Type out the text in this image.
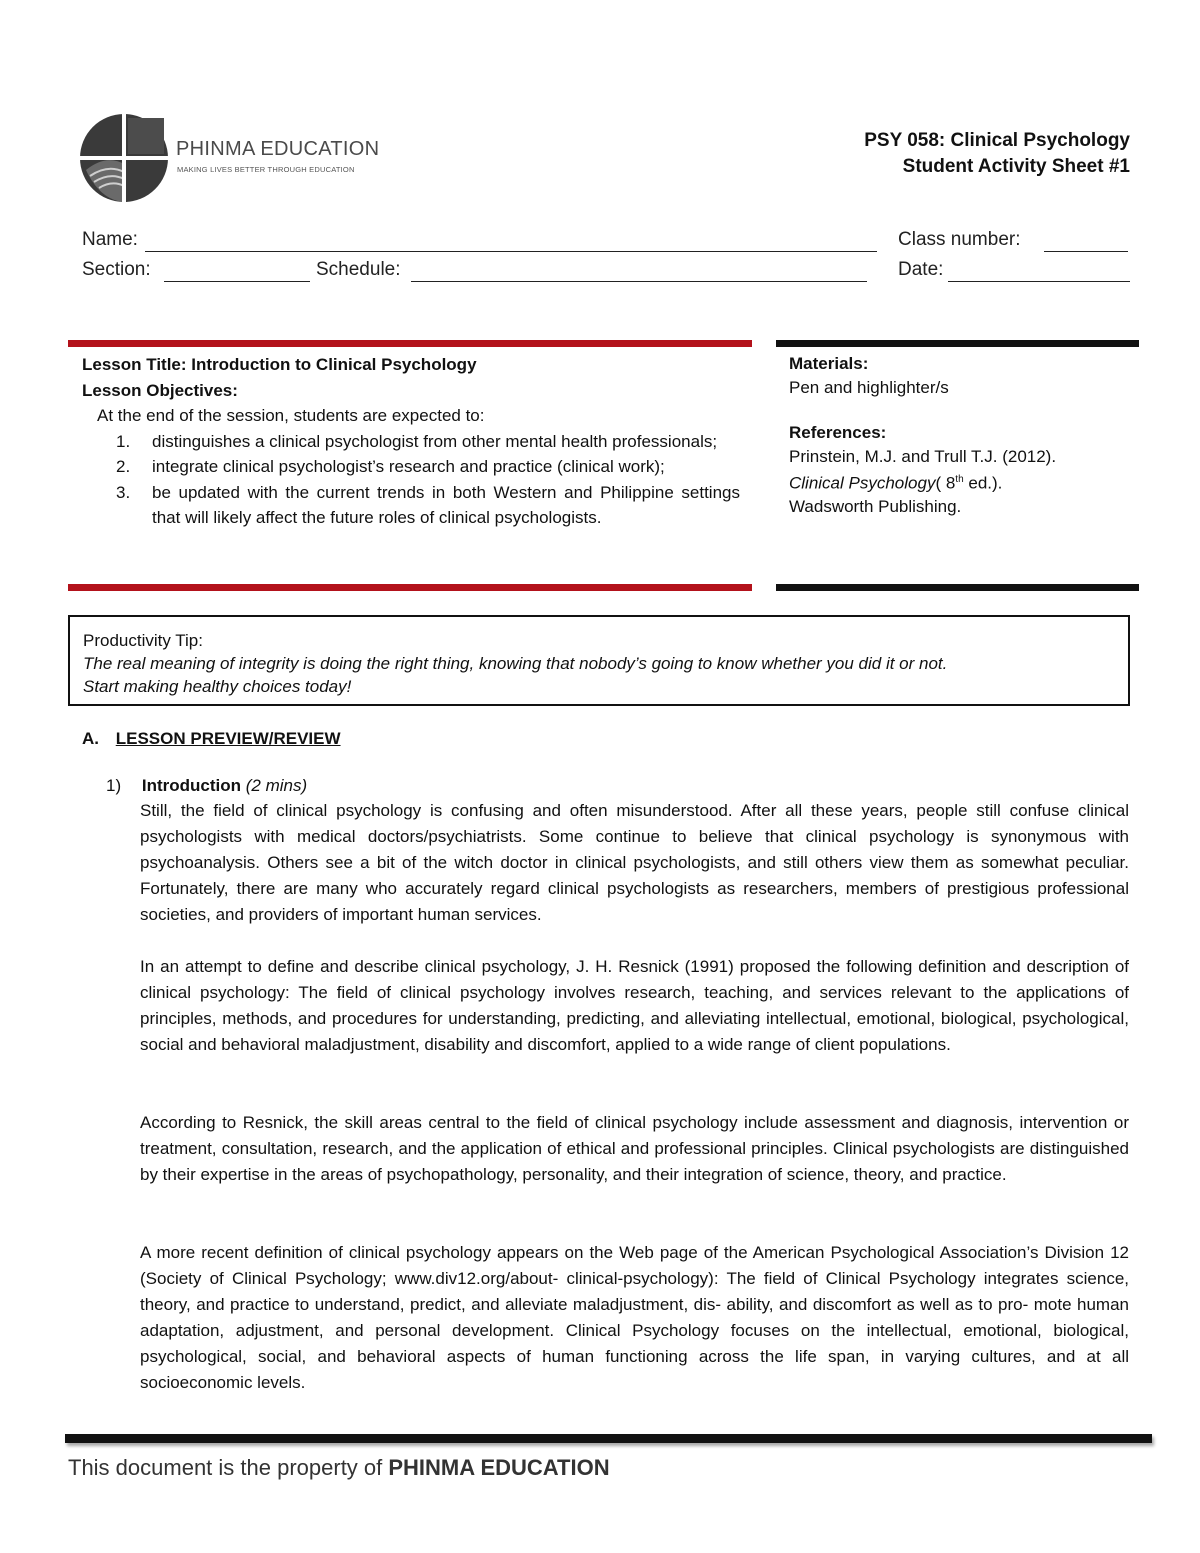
PHINMA EDUCATION
MAKING LIVES BETTER THROUGH EDUCATION
PSY 058: Clinical Psychology
Student Activity Sheet #1
Name:	Class number:
Section:	Schedule:	Date:
Lesson Title: Introduction to Clinical Psychology
Lesson Objectives:
At the end of the session, students are expected to:
1. distinguishes a clinical psychologist from other mental health professionals;
2. integrate clinical psychologist’s research and practice (clinical work);
3. be updated with the current trends in both Western and Philippine settings that will likely affect the future roles of clinical psychologists.
Materials:
Pen and highlighter/s
References:
Prinstein, M.J. and Trull T.J. (2012).
Clinical Psychology( 8th ed.).
Wadsworth Publishing.
Productivity Tip:
The real meaning of integrity is doing the right thing, knowing that nobody’s going to know whether you did it or not.
Start making healthy choices today!
A. LESSON PREVIEW/REVIEW
1) Introduction (2 mins)

Still, the field of clinical psychology is confusing and often misunderstood. After all these years, people still confuse clinical psychologists with medical doctors/psychiatrists. Some continue to believe that clinical psychology is synonymous with psychoanalysis. Others see a bit of the witch doctor in clinical psychologists, and still others view them as somewhat peculiar. Fortunately, there are many who accurately regard clinical psychologists as researchers, members of prestigious professional societies, and providers of important human services.

In an attempt to define and describe clinical psychology, J. H. Resnick (1991) proposed the following definition and description of clinical psychology: The field of clinical psychology involves research, teaching, and services relevant to the applications of principles, methods, and procedures for understanding, predicting, and alleviating intellectual, emotional, biological, psychological, social and behavioral maladjustment, disability and discomfort, applied to a wide range of client populations.

According to Resnick, the skill areas central to the field of clinical psychology include assessment and diagnosis, intervention or treatment, consultation, research, and the application of ethical and professional principles. Clinical psychologists are distinguished by their expertise in the areas of psychopathology, personality, and their integration of science, theory, and practice.

A more recent definition of clinical psychology appears on the Web page of the American Psychological Association’s Division 12 (Society of Clinical Psychology; www.div12.org/about- clinical-psychology): The field of Clinical Psychology integrates science, theory, and practice to understand, predict, and alleviate maladjustment, dis- ability, and discomfort as well as to pro- mote human adaptation, adjustment, and personal development. Clinical Psychology focuses on the intellectual, emotional, biological, psychological, social, and behavioral aspects of human functioning across the life span, in varying cultures, and at all socioeconomic levels.

This document is the property of PHINMA EDUCATION
